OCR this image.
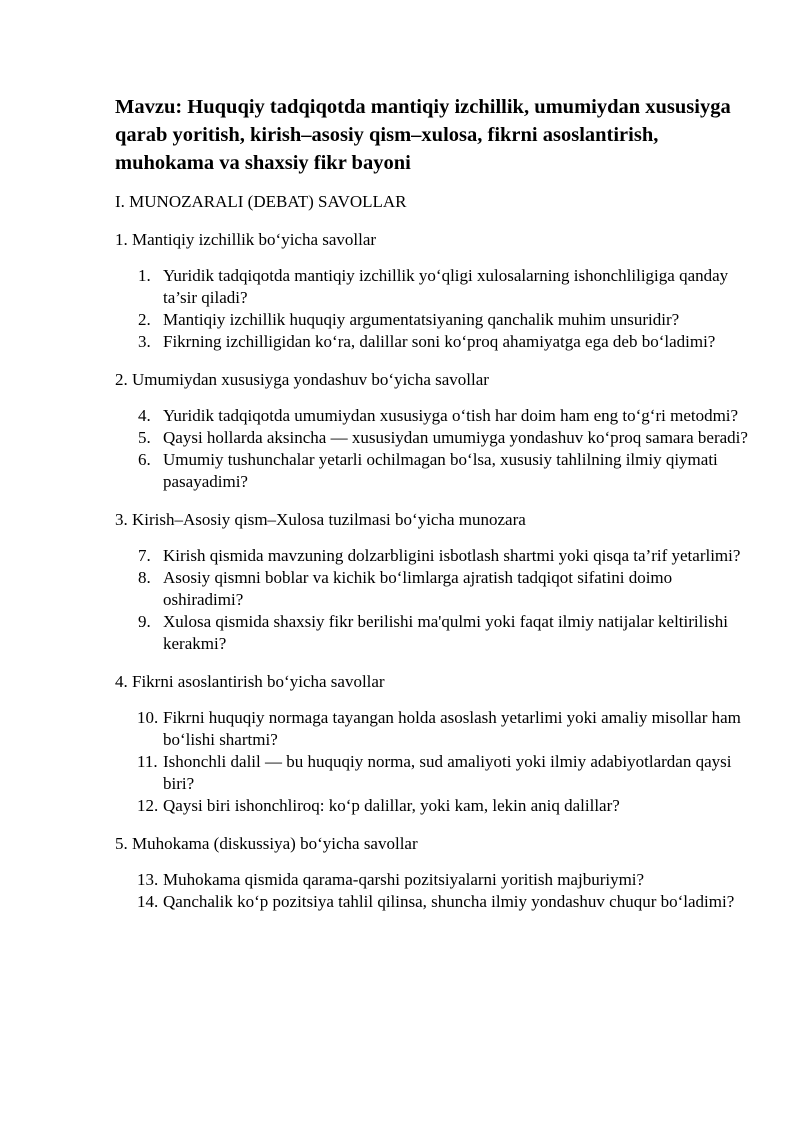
Mavzu: Huquqiy tadqiqotda mantiqiy izchillik, umumiydan xususiyga qarab yoritish, kirish–asosiy qism–xulosa, fikrni asoslantirish, muhokama va shaxsiy fikr bayoni
I. MUNOZARALI (DEBAT) SAVOLLAR
1. Mantiqiy izchillik bo‘yicha savollar
1. Yuridik tadqiqotda mantiqiy izchillik yo‘qligi xulosalarning ishonchliligiga qanday ta’sir qiladi?
2. Mantiqiy izchillik huquqiy argumentatsiyaning qanchalik muhim unsuridir?
3. Fikrning izchilligidan ko‘ra, dalillar soni ko‘proq ahamiyatga ega deb bo‘ladimi?
2. Umumiydan xususiyga yondashuv bo‘yicha savollar
4. Yuridik tadqiqotda umumiydan xususiyga o‘tish har doim ham eng to‘g‘ri metodmi?
5. Qaysi hollarda aksincha — xususiydan umumiyga yondashuv ko‘proq samara beradi?
6. Umumiy tushunchalar yetarli ochilmagan bo‘lsa, xususiy tahlilning ilmiy qiymati pasayadimi?
3. Kirish–Asosiy qism–Xulosa tuzilmasi bo‘yicha munozara
7. Kirish qismida mavzuning dolzarbligini isbotlash shartmi yoki qisqa ta’rif yetarlimi?
8. Asosiy qismni boblar va kichik bo‘limlarga ajratish tadqiqot sifatini doimo oshiradimi?
9. Xulosa qismida shaxsiy fikr berilishi ma'qulmi yoki faqat ilmiy natijalar keltirilishi kerakmi?
4. Fikrni asoslantirish bo‘yicha savollar
10. Fikrni huquqiy normaga tayangan holda asoslash yetarlimi yoki amaliy misollar ham bo‘lishi shartmi?
11. Ishonchli dalil — bu huquqiy norma, sud amaliyoti yoki ilmiy adabiyotlardan qaysi biri?
12. Qaysi biri ishonchliroq: ko‘p dalillar, yoki kam, lekin aniq dalillar?
5. Muhokama (diskussiya) bo‘yicha savollar
13. Muhokama qismida qarama-qarshi pozitsiyalarni yoritish majburiymi?
14. Qanchalik ko‘p pozitsiya tahlil qilinsa, shuncha ilmiy yondashuv chuqur bo‘ladimi?
